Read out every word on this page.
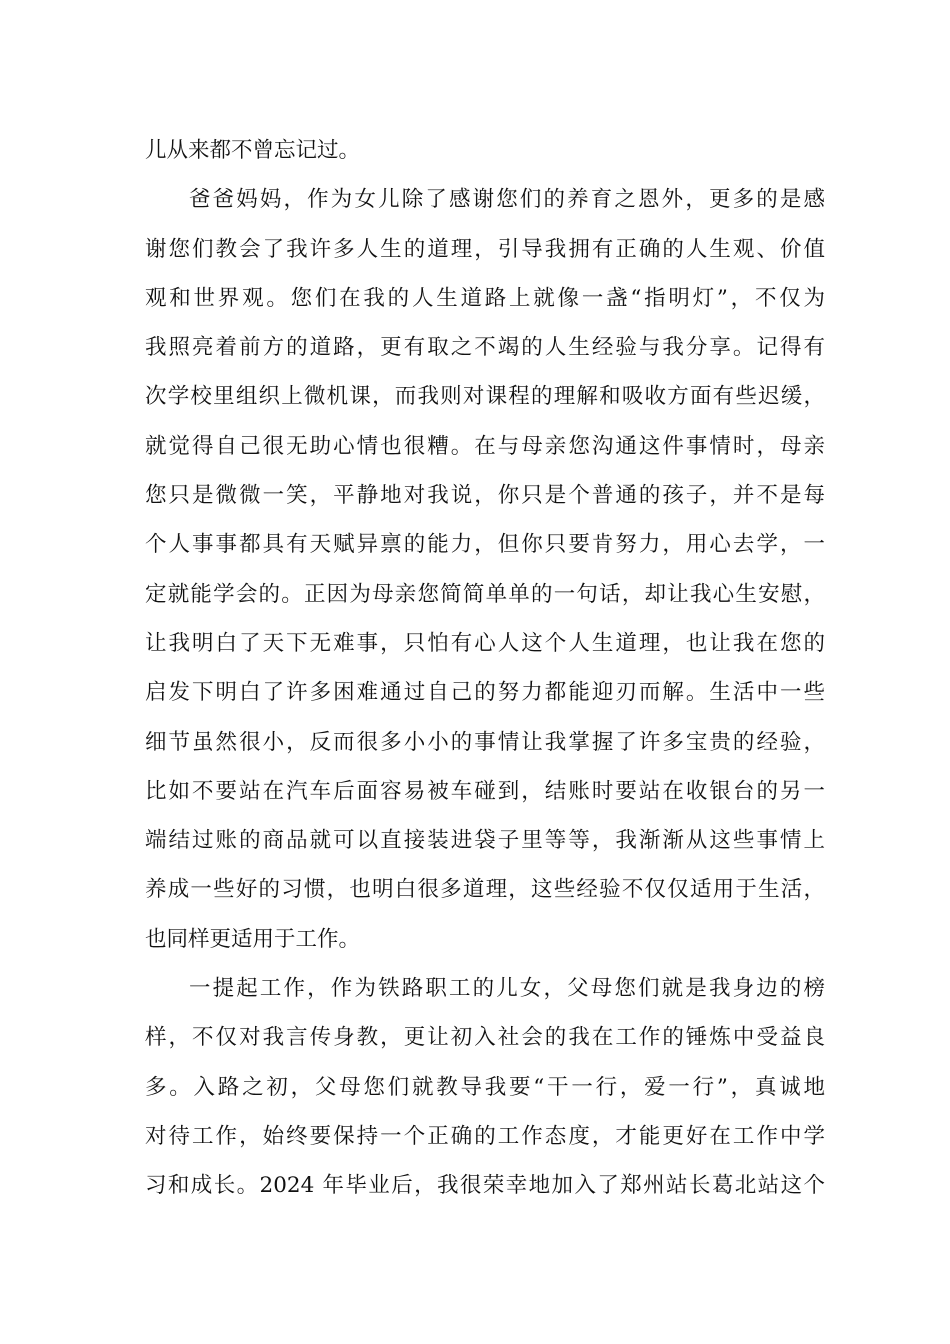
儿从来都不曾忘记过。
爸爸妈妈，作为女儿除了感谢您们的养育之恩外，更多的是感
谢您们教会了我许多人生的道理，引导我拥有正确的人生观、价值
观和世界观。您们在我的人生道路上就像一盏“指明灯”，不仅为
我照亮着前方的道路，更有取之不竭的人生经验与我分享。记得有
次学校里组织上微机课，而我则对课程的理解和吸收方面有些迟缓，
就觉得自己很无助心情也很糟。在与母亲您沟通这件事情时，母亲
您只是微微一笑，平静地对我说，你只是个普通的孩子，并不是每
个人事事都具有天赋异禀的能力，但你只要肯努力，用心去学，一
定就能学会的。正因为母亲您简简单单的一句话，却让我心生安慰，
让我明白了天下无难事，只怕有心人这个人生道理，也让我在您的
启发下明白了许多困难通过自己的努力都能迎刃而解。生活中一些
细节虽然很小，反而很多小小的事情让我掌握了许多宝贵的经验，
比如不要站在汽车后面容易被车碰到，结账时要站在收银台的另一
端结过账的商品就可以直接装进袋子里等等，我渐渐从这些事情上
养成一些好的习惯，也明白很多道理，这些经验不仅仅适用于生活，
也同样更适用于工作。
一提起工作，作为铁路职工的儿女，父母您们就是我身边的榜
样，不仅对我言传身教，更让初入社会的我在工作的锤炼中受益良
多。入路之初，父母您们就教导我要“干一行，爱一行”，真诚地
对待工作，始终要保持一个正确的工作态度，才能更好在工作中学
习和成长。2024 年毕业后，我很荣幸地加入了郑州站长葛北站这个
